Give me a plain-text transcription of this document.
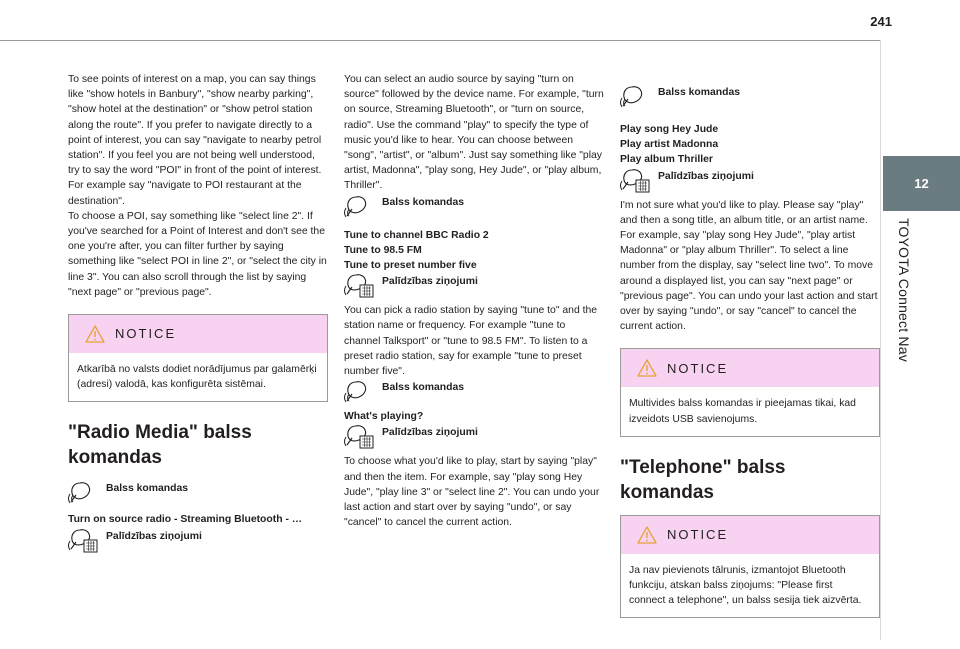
241
12
TOYOTA Connect Nav

To see points of interest on a map, you can say things like "show hotels in Banbury", "show nearby parking", "show hotel at the destination" or "show petrol station along the route". If you prefer to navigate directly to a point of interest, you can say "navigate to nearby petrol station". If you feel you are not being well understood, try to say the word "POI" in front of the point of interest. For example say "navigate to POI restaurant at the destination".

To choose a POI, say something like "select line 2". If you've searched for a Point of Interest and don't see the one you're after, you can filter further by saying something like "select POI in line 2", or "select the city in line 3". You can also scroll through the list by saying "next page" or "previous page".

NOTICE
Atkarībā no valsts dodiet norādījumus par galamērķi (adresi) valodā, kas konfigurēta sistēmai.
"Radio Media" balss komandas
Balss komandas
Turn on source radio - Streaming Bluetooth - …
Palīdzības ziņojumi

You can select an audio source by saying "turn on source" followed by the device name. For example, "turn on source, Streaming Bluetooth", or "turn on source, radio". Use the command "play" to specify the type of music you'd like to hear. You can choose between "song", "artist", or "album". Just say something like "play artist, Madonna", "play song, Hey Jude", or "play album, Thriller".

Balss komandas
Tune to channel BBC Radio 2
Tune to 98.5 FM
Tune to preset number five
Palīdzības ziņojumi

You can pick a radio station by saying "tune to" and the station name or frequency. For example "tune to channel Talksport" or "tune to 98.5 FM". To listen to a preset radio station, say for example "tune to preset number five".

Balss komandas
What's playing?
Palīdzības ziņojumi

To choose what you'd like to play, start by saying "play" and then the item. For example, say "play song Hey Jude", "play line 3" or "select line 2". You can undo your last action and start over by saying "undo", or say "cancel" to cancel the current action.

Balss komandas
Play song Hey Jude
Play artist Madonna
Play album Thriller
Palīdzības ziņojumi

I'm not sure what you'd like to play. Please say "play" and then a song title, an album title, or an artist name. For example, say "play song Hey Jude", "play artist Madonna" or "play album Thriller". To select a line number from the display, say "select line two". To move around a displayed list, you can say "next page" or "previous page". You can undo your last action and start over by saying "undo", or say "cancel" to cancel the current action.

NOTICE
Multivides balss komandas ir pieejamas tikai, kad izveidots USB savienojums.
"Telephone" balss komandas
NOTICE
Ja nav pievienots tālrunis, izmantojot Bluetooth funkciju, atskan balss ziņojums: "Please first connect a telephone", un balss sesija tiek aizvērta.
